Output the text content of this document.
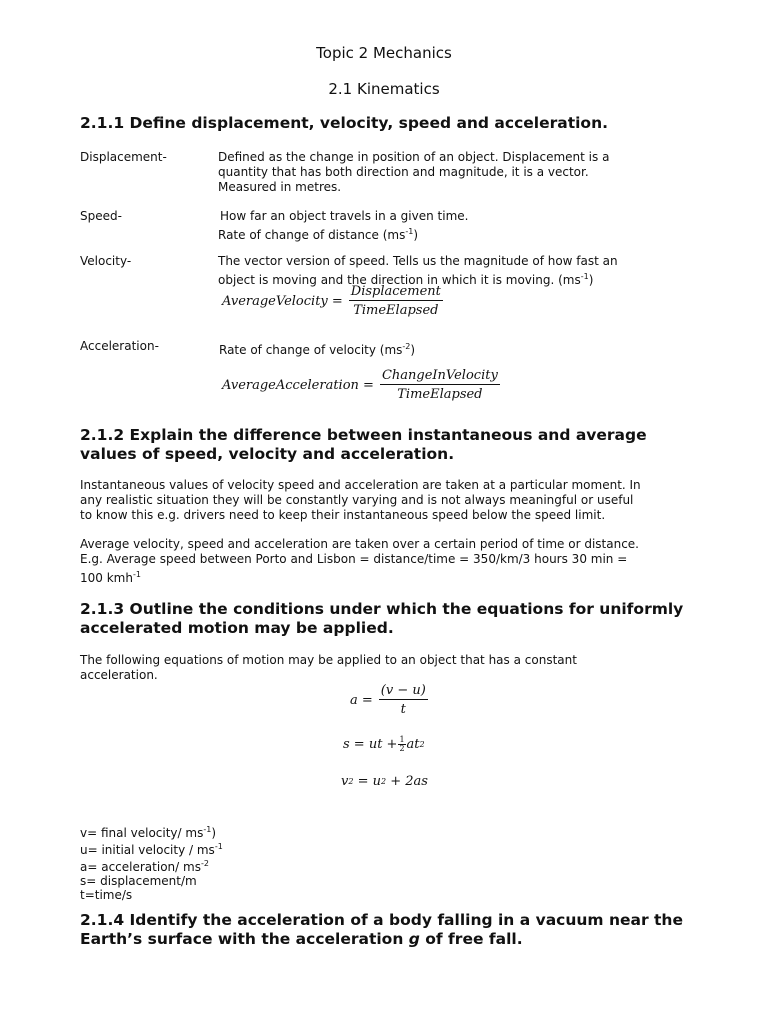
Topic 2 Mechanics
2.1 Kinematics
2.1.1 Define displacement, velocity, speed and acceleration.
Displacement-	Defined as the change in position of an object. Displacement is a
quantity that has both direction and magnitude, it is a vector.
Measured in metres.
Speed-	How far an object travels in a given time.
Rate of change of distance $(ms^{-1})$
Velocity-	The vector version of speed. Tells us the magnitude of how fast an
object is moving and the direction in which it is moving. $(ms^{-1})$
AverageVelocity = $\frac{\text{Displacement}}{\text{TimeElapsed}}$
Acceleration-	Rate of change of velocity $(ms^{-2})$
AverageAcceleration = $\frac{\text{ChangeInVelocity}}{\text{TimeElapsed}}$
2.1.2 Explain the difference between instantaneous and average
values of speed, velocity and acceleration.
Instantaneous values of velocity speed and acceleration are taken at a particular moment. In
any realistic situation they will be constantly varying and is not always meaningful or useful
to know this e.g. drivers need to keep their instantaneous speed below the speed limit.
Average velocity, speed and acceleration are taken over a certain period of time or distance.
E.g. Average speed between Porto and Lisbon = distance/time = 350/km/3 hours 30 min =
100 kmh$^{-1}$
2.1.3 Outline the conditions under which the equations for uniformly
accelerated motion may be applied.
The following equations of motion may be applied to an object that has a constant
acceleration.
$a = \frac{(v - u)}{t}$
s = ut + $\frac{1}{2}$ at 2
v 2 = u 2 + 2as
v= final velocity/ $ms^{-1}$)
u= initial velocity / $ms^{-1}$
a= acceleration/ $ms^{-2}$
s= displacement/m
t=time/s
2.1.4 Identify the acceleration of a body falling in a vacuum near the
Earth’s surface with the acceleration g of free fall.
